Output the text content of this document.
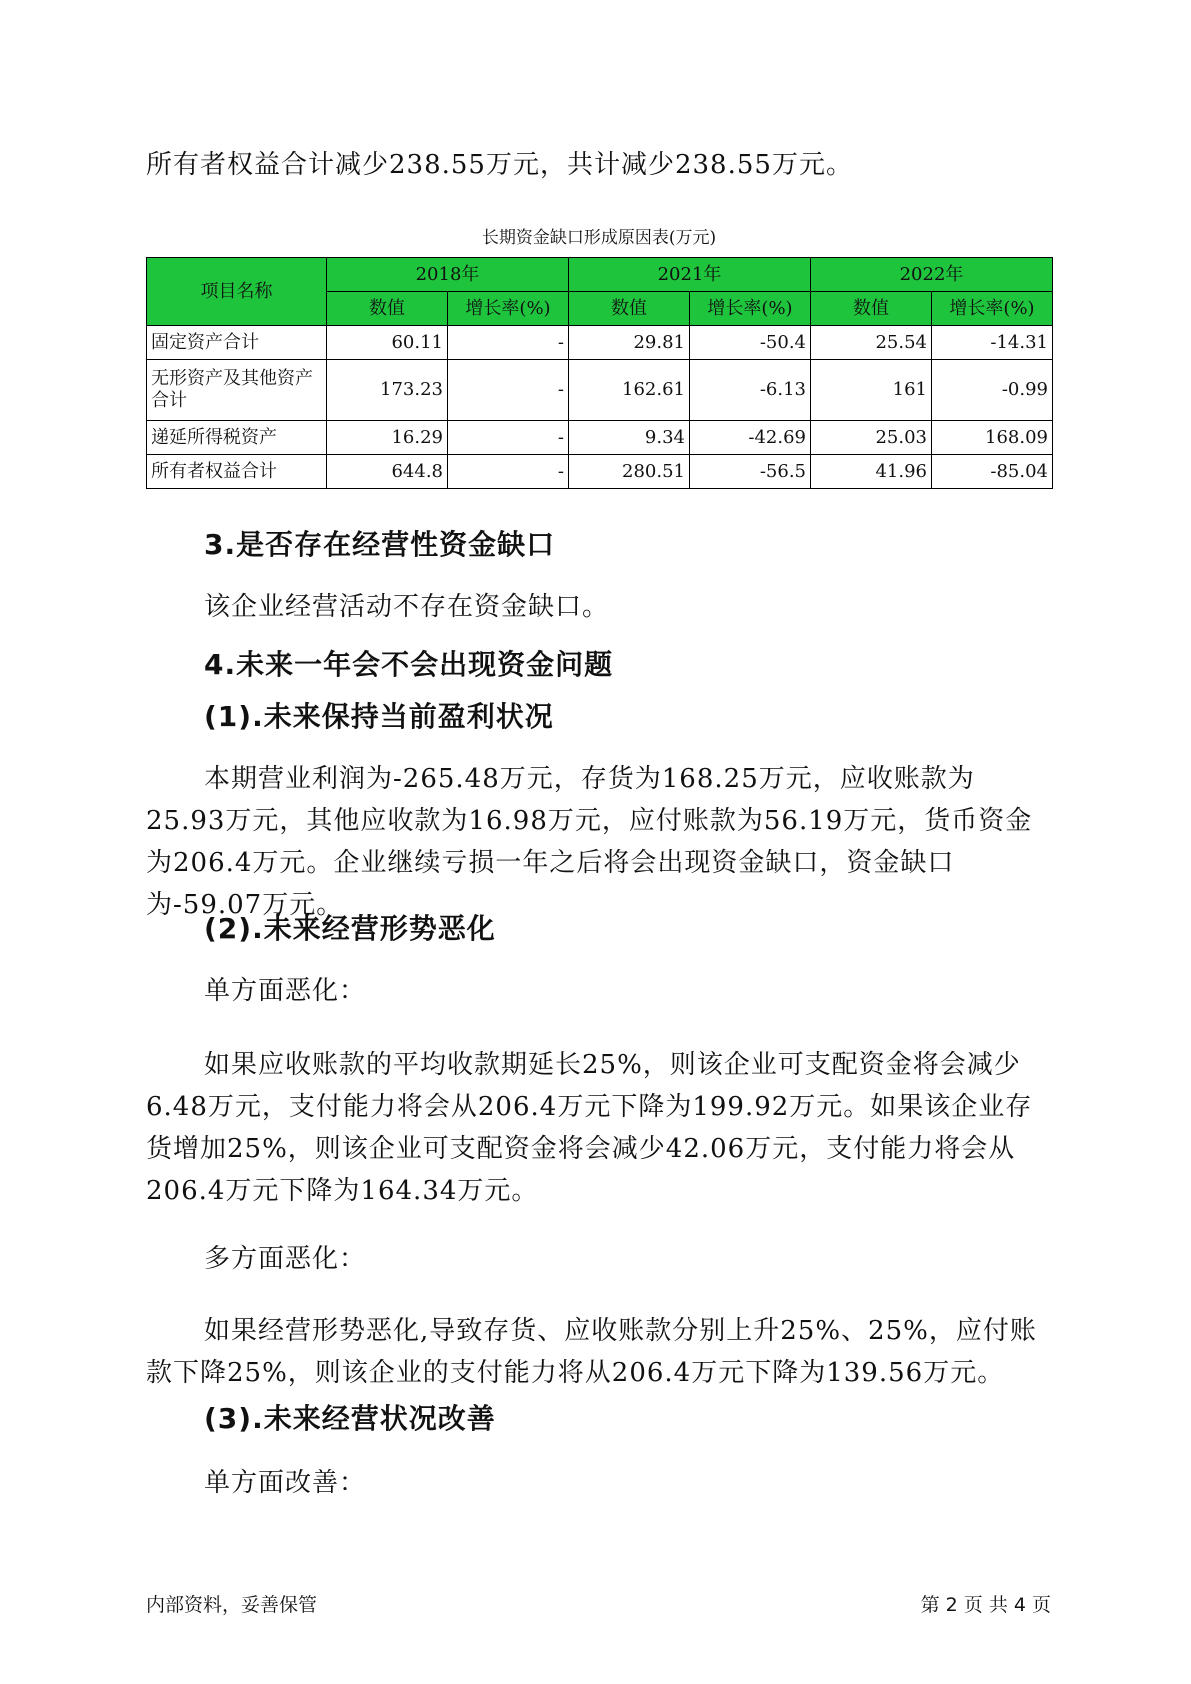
所有者权益合计减少238.55万元，共计减少238.55万元。

长期资金缺口形成原因表(万元)

项目名称	2018年		2021年		2022年	
	数值	增长率(%)	数值	增长率(%)	数值	增长率(%)
固定资产合计	60.11	-	29.81	-50.4	25.54	-14.31
无形资产及其他资产合计	173.23	-	162.61	-6.13	161	-0.99
递延所得税资产	16.29	-	9.34	-42.69	25.03	168.09
所有者权益合计	644.8	-	280.51	-56.5	41.96	-85.04
3.是否存在经营性资金缺口

该企业经营活动不存在资金缺口。

4.未来一年会不会出现资金问题
(1).未来保持当前盈利状况

本期营业利润为-265.48万元，存货为168.25万元，应收账款为25.93万元，其他应收款为16.98万元，应付账款为56.19万元，货币资金为206.4万元。企业继续亏损一年之后将会出现资金缺口，资金缺口为-59.07万元。

(2).未来经营形势恶化

单方面恶化：

如果应收账款的平均收款期延长25%，则该企业可支配资金将会减少6.48万元，支付能力将会从206.4万元下降为199.92万元。如果该企业存货增加25%，则该企业可支配资金将会减少42.06万元，支付能力将会从206.4万元下降为164.34万元。

多方面恶化：

如果经营形势恶化,导致存货、应收账款分别上升25%、25%，应付账款下降25%，则该企业的支付能力将从206.4万元下降为139.56万元。

(3).未来经营状况改善

单方面改善：

内部资料，妥善保管	第 2 页 共 4 页
